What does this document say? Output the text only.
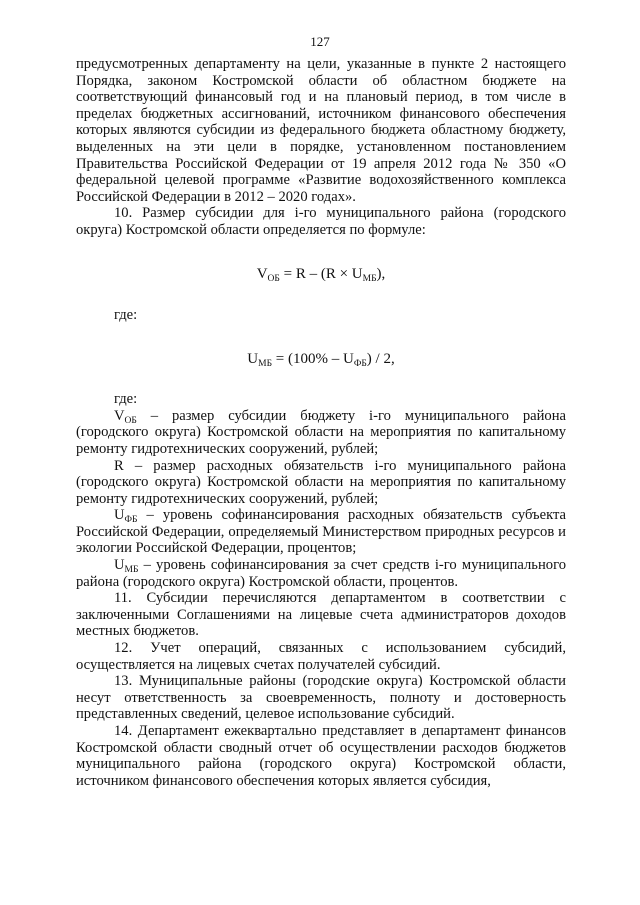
127

предусмотренных департаменту на цели, указанные в пункте 2 настоящего Порядка, законом Костромской области об областном бюджете на соответствующий финансовый год и на плановый период, в том числе в пределах бюджетных ассигнований, источником финансового обеспечения которых являются субсидии из федерального бюджета областному бюджету, выделенных на эти цели в порядке, установленном постановлением Правительства Российской Федерации от 19 апреля 2012 года № 350 «О федеральной целевой программе «Развитие водохозяйственного комплекса Российской Федерации в 2012 – 2020 годах».

10. Размер субсидии для i-го муниципального района (городского округа) Костромской области определяется по формуле:

$V_{ОБ} = R - (R \times U_{МБ})$,

где:

$U_{МБ} = (100\% - U_{ФБ}) / 2$,

где:

$V_{ОБ}$ – размер субсидии бюджету i-го муниципального района (городского округа) Костромской области на мероприятия по капитальному ремонту гидротехнических сооружений, рублей;

R – размер расходных обязательств i-го муниципального района (городского округа) Костромской области на мероприятия по капитальному ремонту гидротехнических сооружений, рублей;

$U_{ФБ}$ – уровень софинансирования расходных обязательств субъекта Российской Федерации, определяемый Министерством природных ресурсов и экологии Российской Федерации, процентов;

$U_{МБ}$ – уровень софинансирования за счет средств i-го муниципального района (городского округа) Костромской области, процентов.

11. Субсидии перечисляются департаментом в соответствии с заключенными Соглашениями на лицевые счета администраторов доходов местных бюджетов.

12. Учет операций, связанных с использованием субсидий, осуществляется на лицевых счетах получателей субсидий.

13. Муниципальные районы (городские округа) Костромской области несут ответственность за своевременность, полноту и достоверность представленных сведений, целевое использование субсидий.

14. Департамент ежеквартально представляет в департамент финансов Костромской области сводный отчет об осуществлении расходов бюджетов муниципального района (городского округа) Костромской области, источником финансового обеспечения которых является субсидия,
